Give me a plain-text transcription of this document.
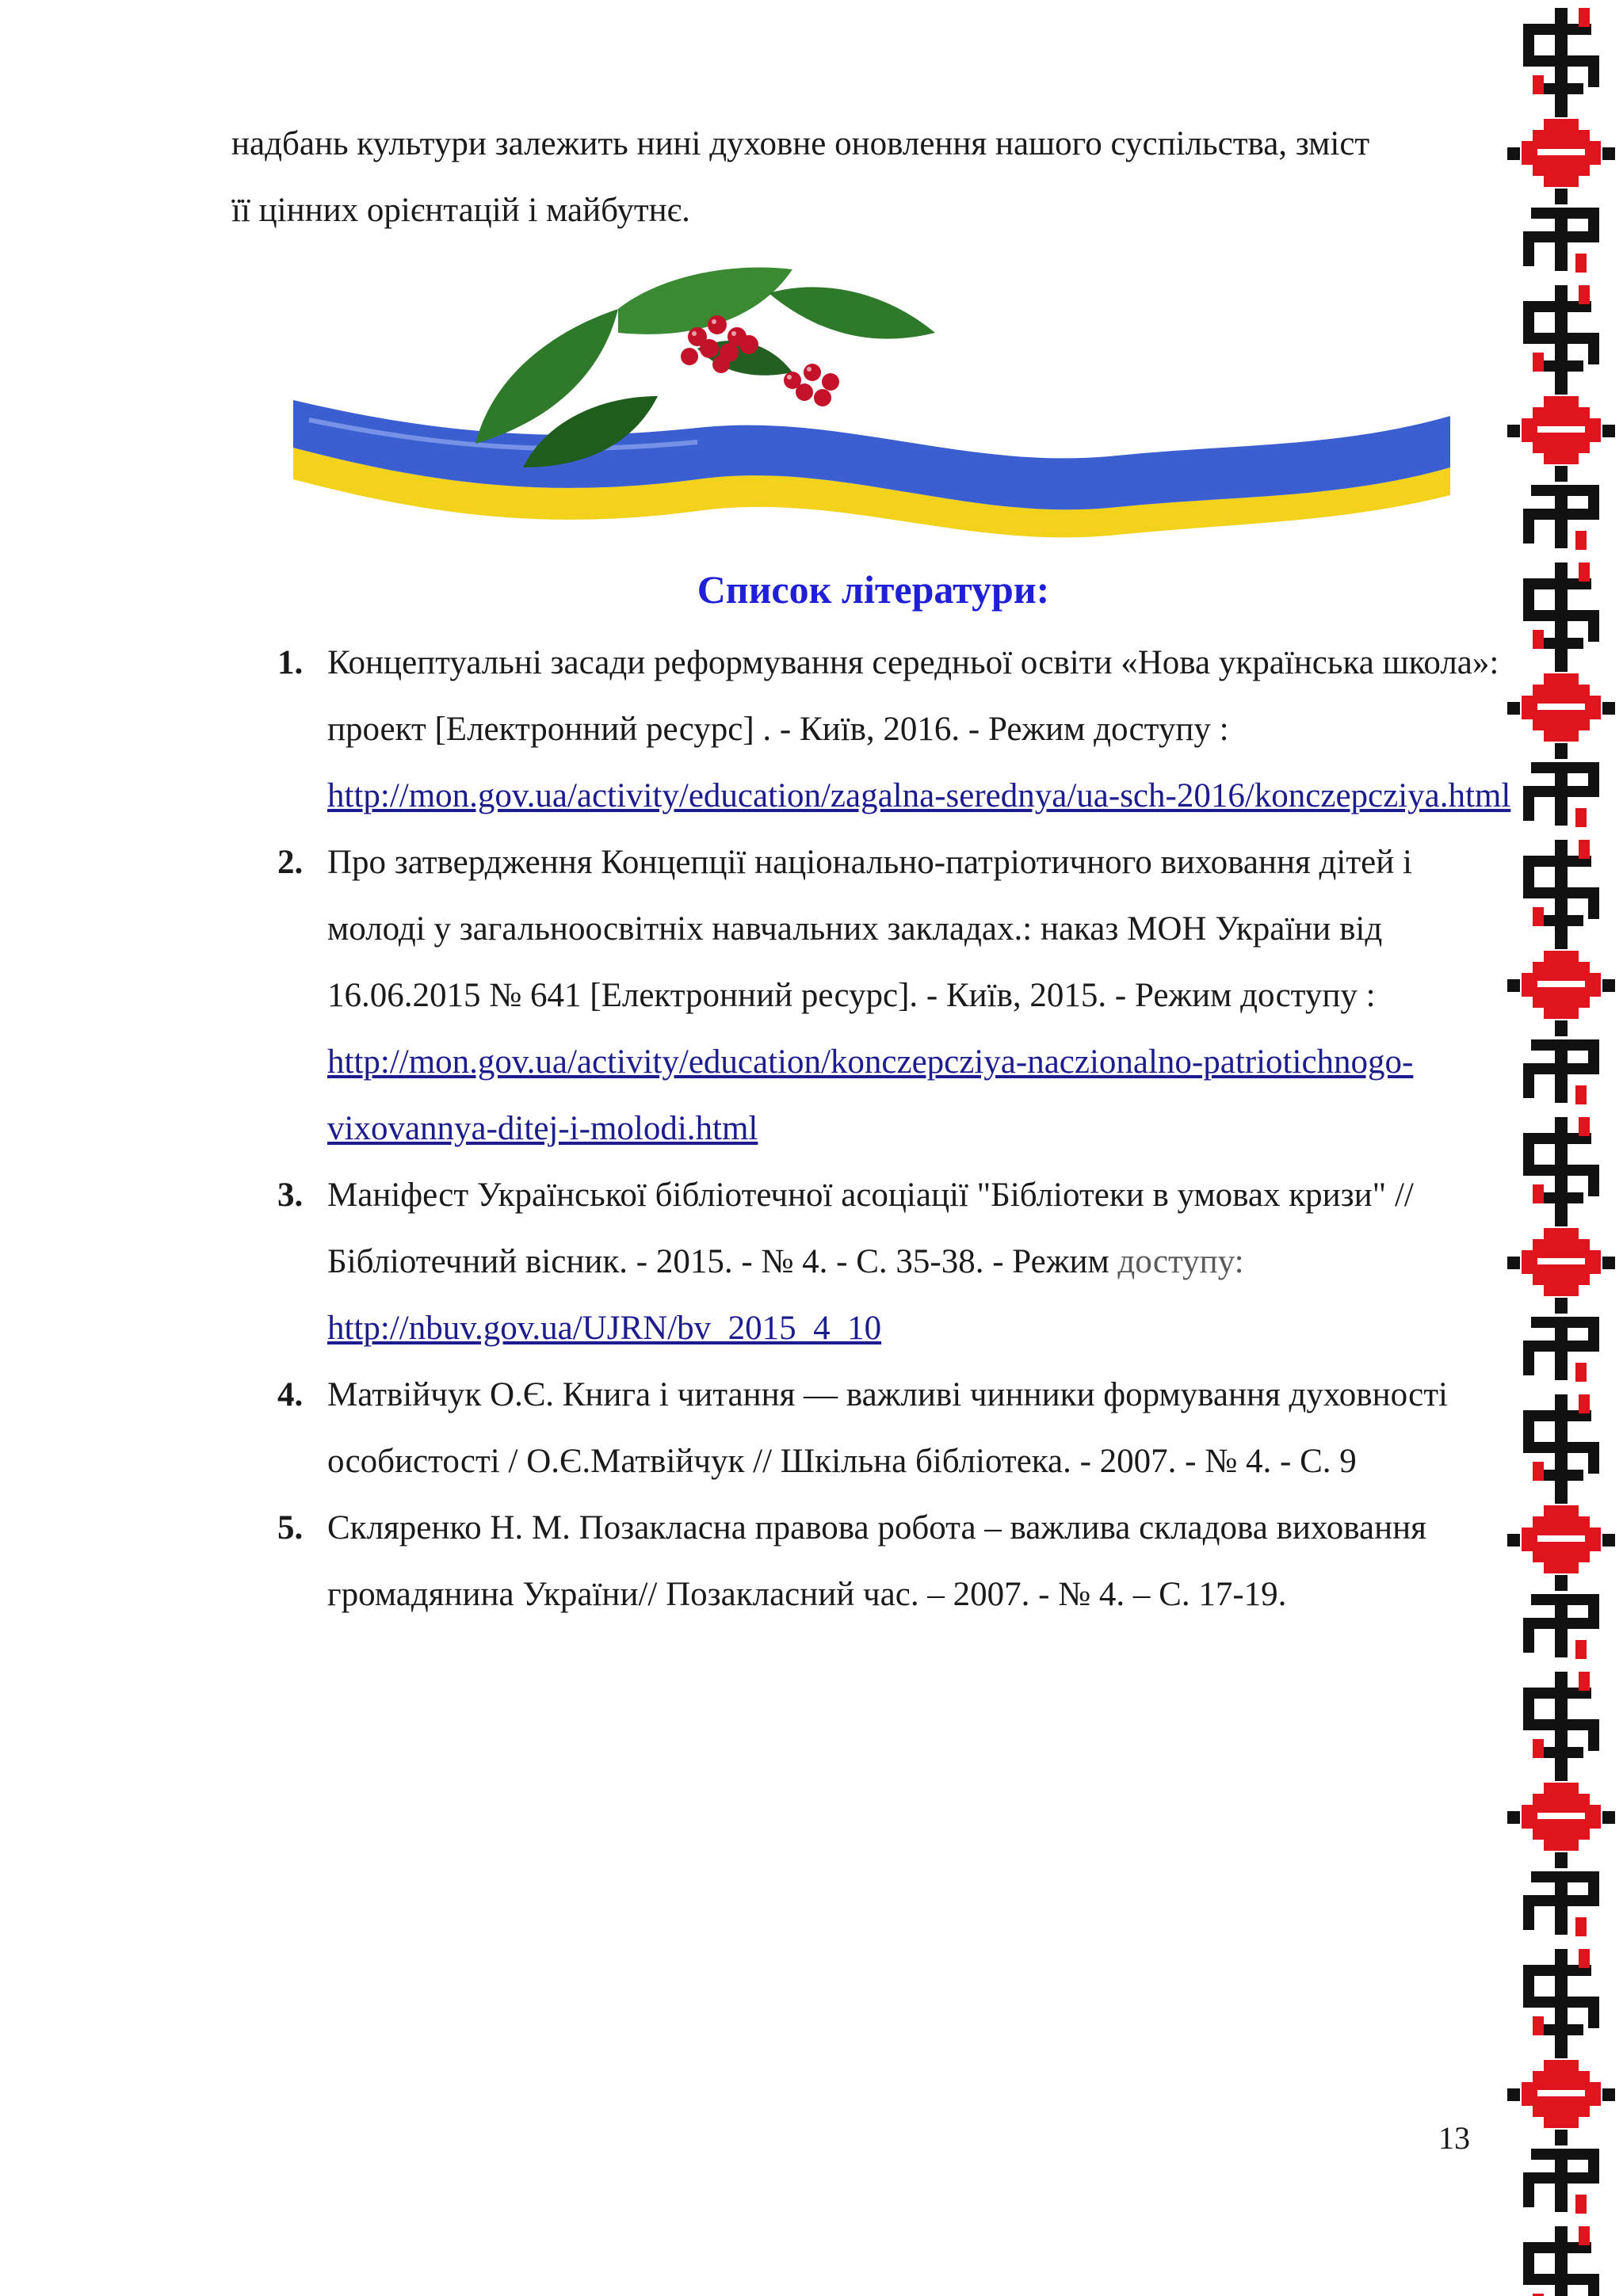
надбань культури залежить нині духовне оновлення нашого суспільства, зміст

її цінних орієнтацій і майбутнє.

Список літератури:
1. Концептуальні засади реформування середньої освіти «Нова українська школа»: проект [Електронний ресурс] . - Київ, 2016. - Режим доступу : http://mon.gov.ua/activity/education/zagalna-serednya/ua-sch-2016/konczepcziya.html
2. Про затвердження Концепції національно-патріотичного виховання дітей і молоді у загальноосвітніх навчальних закладах.: наказ МОН України від 16.06.2015 № 641 [Електронний ресурс]. - Київ, 2015. - Режим доступу : http://mon.gov.ua/activity/education/konczepcziya-naczionalno-patriotichnogo-vixovannya-ditej-i-molodi.html
3. Маніфест Української бібліотечної асоціації "Бібліотеки в умовах кризи" // Бібліотечний вісник. - 2015. - № 4. - С. 35-38. - Режим доступу: http://nbuv.gov.ua/UJRN/bv_2015_4_10
4. Матвійчук О.Є. Книга і читання — важливі чинники формування духовності особистості / О.Є.Матвійчук // Шкільна бібліотека. - 2007. - № 4. - С. 9
5. Скляренко Н. М. Позакласна правова робота – важлива складова виховання громадянина України// Позакласний час. – 2007. - № 4. – С. 17-19.
13
